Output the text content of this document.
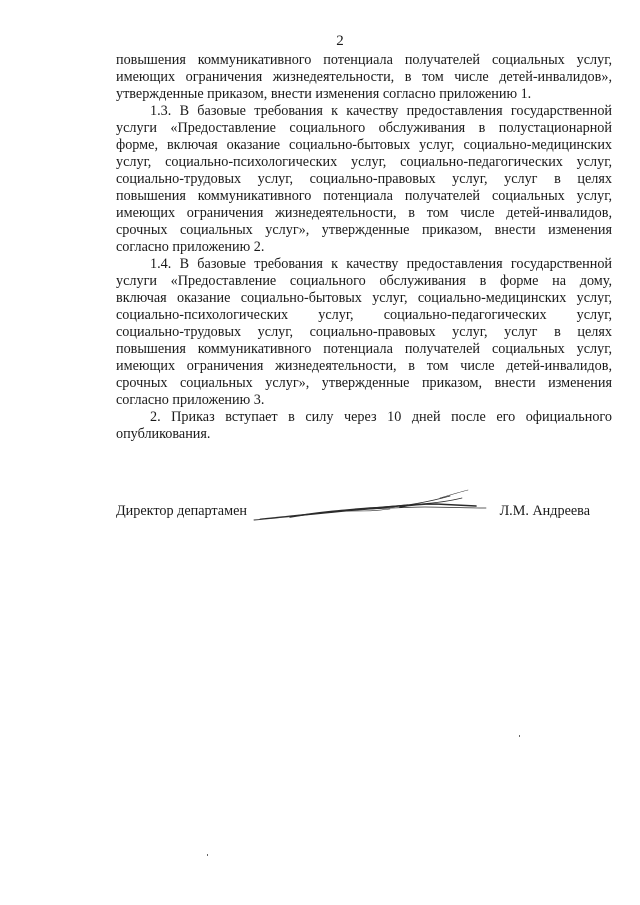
2
повышения коммуникативного потенциала получателей социальных услуг,
имеющих ограничения жизнедеятельности, в том числе детей-инвалидов»,
утвержденные приказом, внести изменения согласно приложению 1.
1.3. В базовые требования к качеству предоставления государственной
услуги «Предоставление социального обслуживания в полустационарной
форме, включая оказание социально-бытовых услуг, социально-медицинских
услуг, социально-психологических услуг, социально-педагогических услуг,
социально-трудовых услуг, социально-правовых услуг, услуг в целях
повышения коммуникативного потенциала получателей социальных услуг,
имеющих ограничения жизнедеятельности, в том числе детей-инвалидов,
срочных социальных услуг», утвержденные приказом, внести изменения
согласно приложению 2.
1.4. В базовые требования к качеству предоставления государственной
услуги «Предоставление социального обслуживания в форме на дому,
включая оказание социально-бытовых услуг, социально-медицинских услуг,
социально-психологических услуг, социально-педагогических услуг,
социально-трудовых услуг, социально-правовых услуг, услуг в целях
повышения коммуникативного потенциала получателей социальных услуг,
имеющих ограничения жизнедеятельности, в том числе детей-инвалидов,
срочных социальных услуг», утвержденные приказом, внести изменения
согласно приложению 3.
2. Приказ вступает в силу через 10 дней после его официального
опубликования.
Директор департамен	Л.М. Андреева
